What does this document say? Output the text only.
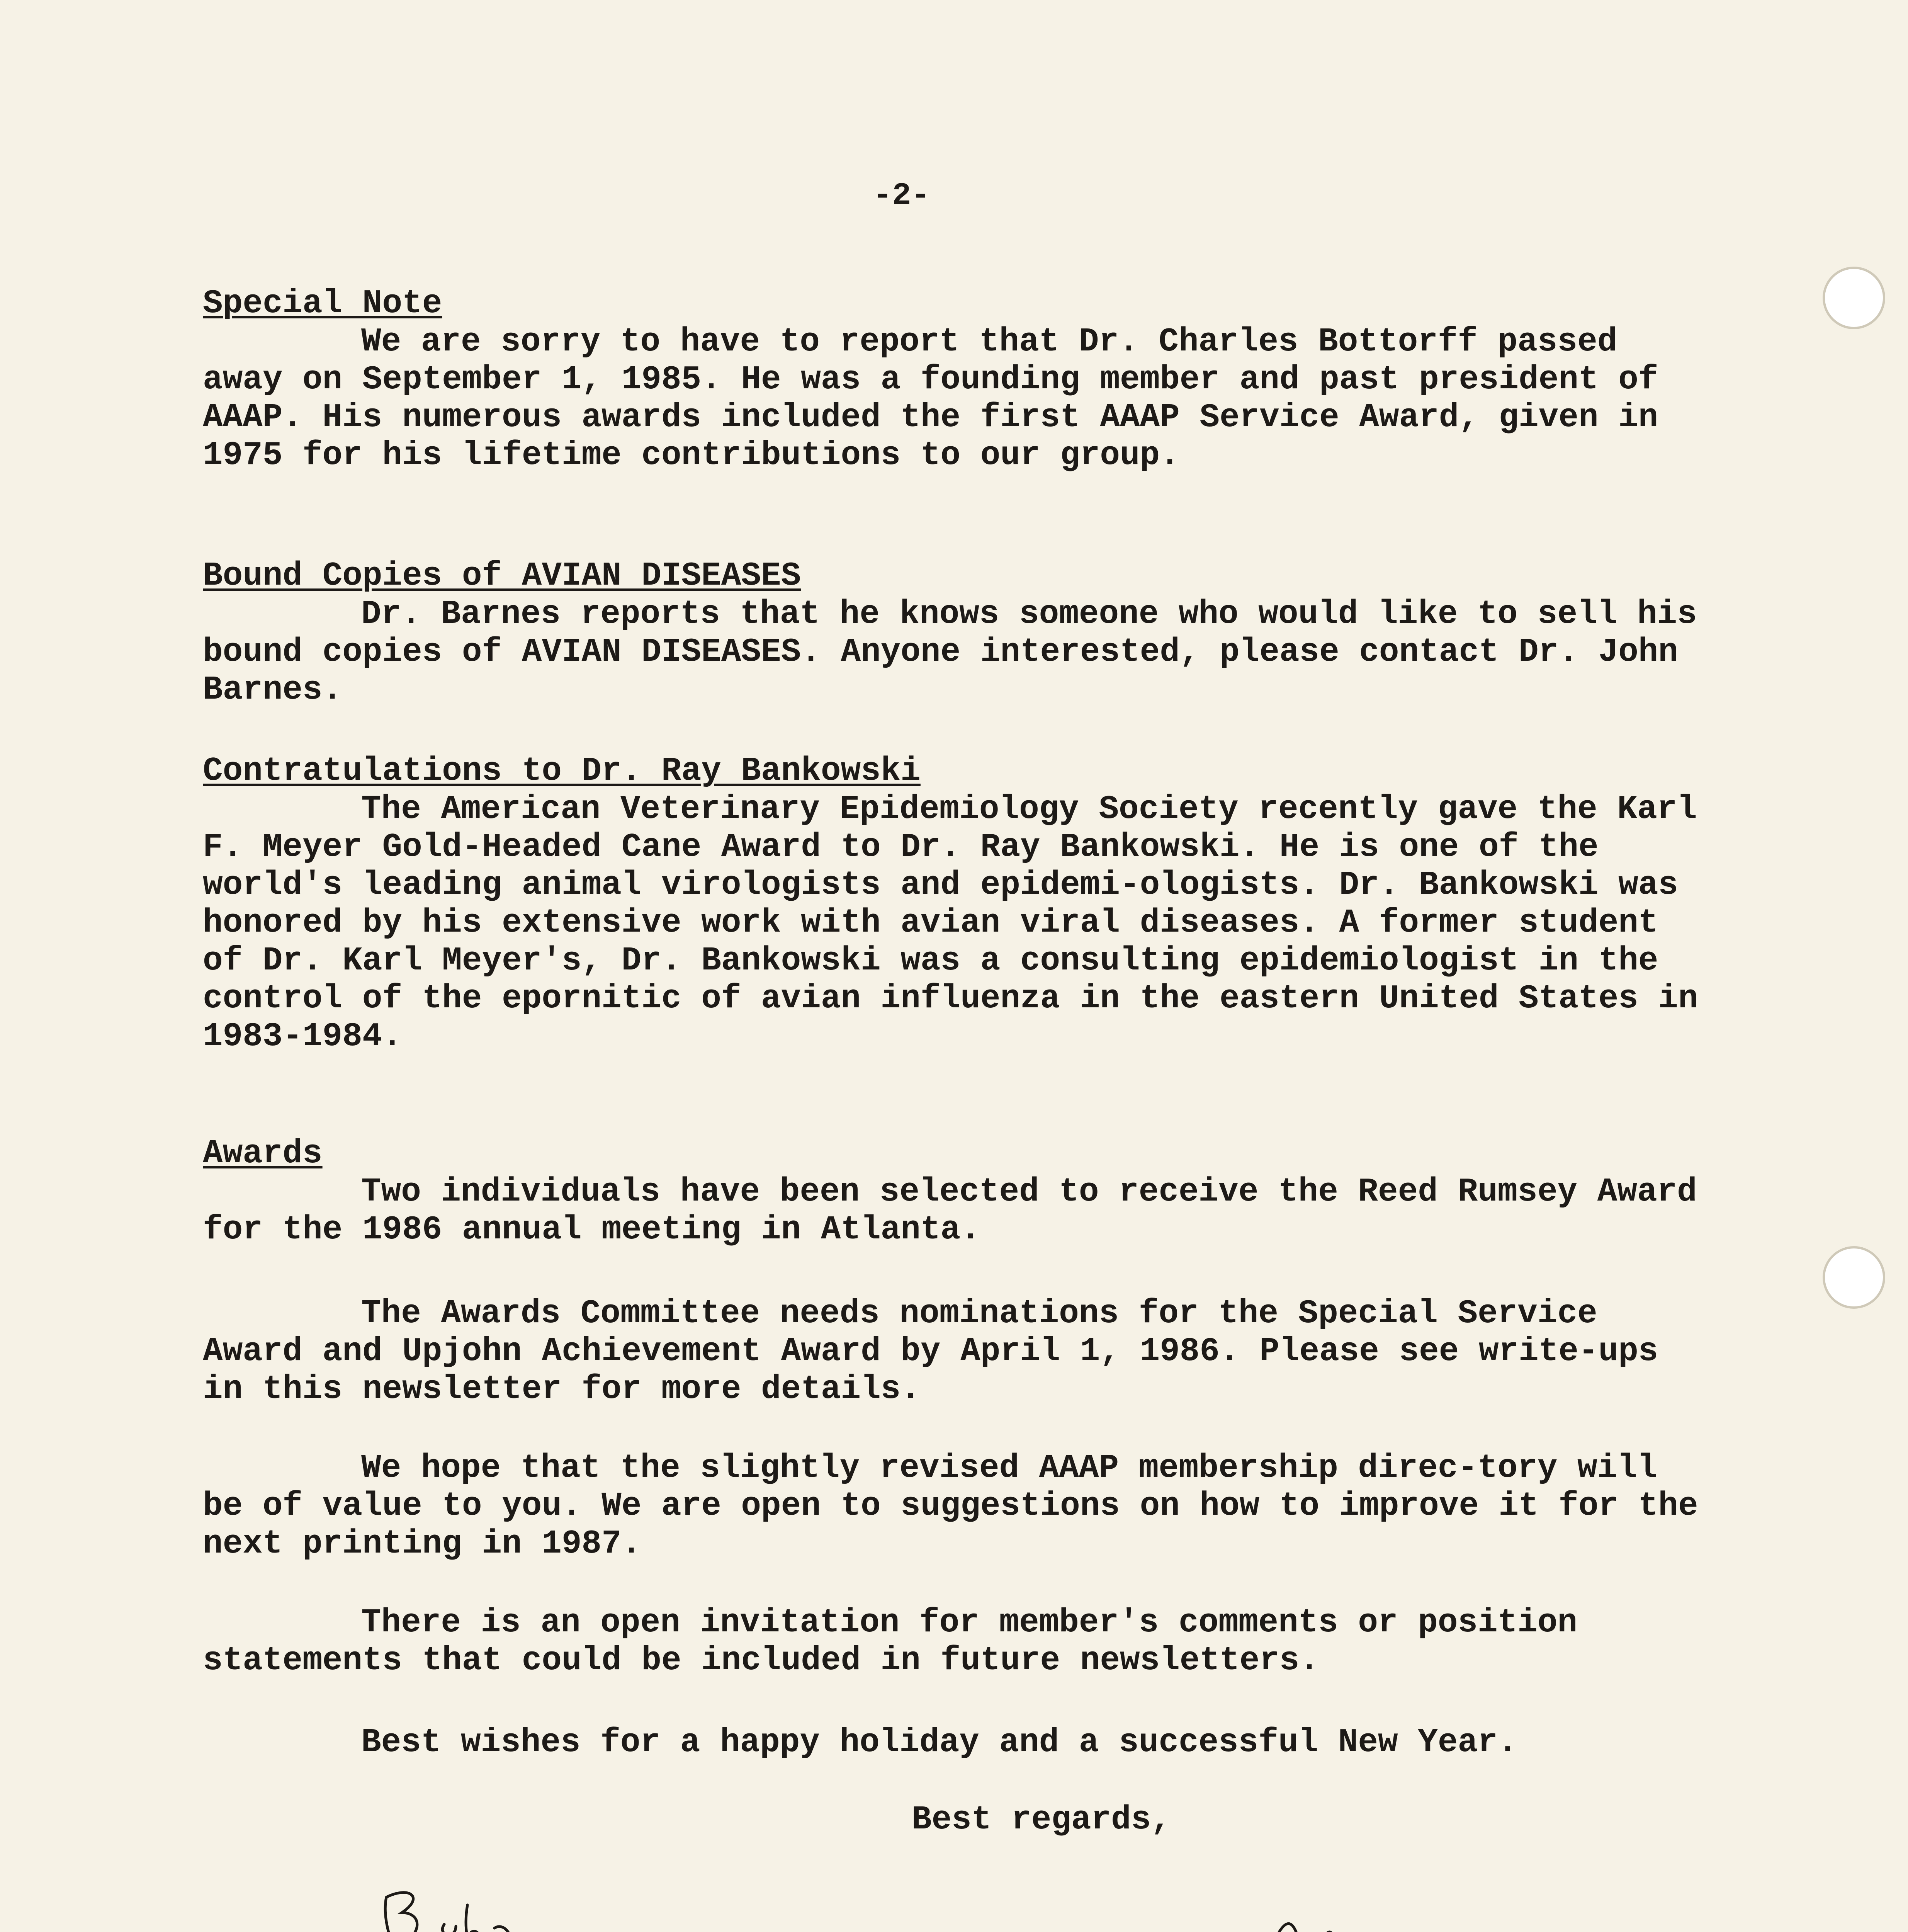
-2-

Special Note

We are sorry to have to report that Dr. Charles Bottorff passed away on September 1, 1985. He was a founding member and past president of AAAP. His numerous awards included the first AAAP Service Award, given in 1975 for his lifetime contributions to our group.

Bound Copies of AVIAN DISEASES

Dr. Barnes reports that he knows someone who would like to sell his bound copies of AVIAN DISEASES. Anyone interested, please contact Dr. John Barnes.

Contratulations to Dr. Ray Bankowski

The American Veterinary Epidemiology Society recently gave the Karl F. Meyer Gold-Headed Cane Award to Dr. Ray Bankowski. He is one of the world's leading animal virologists and epidemi-ologists. Dr. Bankowski was honored by his extensive work with avian viral diseases. A former student of Dr. Karl Meyer's, Dr. Bankowski was a consulting epidemiologist in the control of the epornitic of avian influenza in the eastern United States in 1983-1984.

Awards

Two individuals have been selected to receive the Reed Rumsey Award for the 1986 annual meeting in Atlanta.

The Awards Committee needs nominations for the Special Service Award and Upjohn Achievement Award by April 1, 1986. Please see write-ups in this newsletter for more details.

We hope that the slightly revised AAAP membership direc-tory will be of value to you. We are open to suggestions on how to improve it for the next printing in 1987.

There is an open invitation for member's comments or position statements that could be included in future newsletters.

Best wishes for a happy holiday and a successful New Year.

Best regards,
